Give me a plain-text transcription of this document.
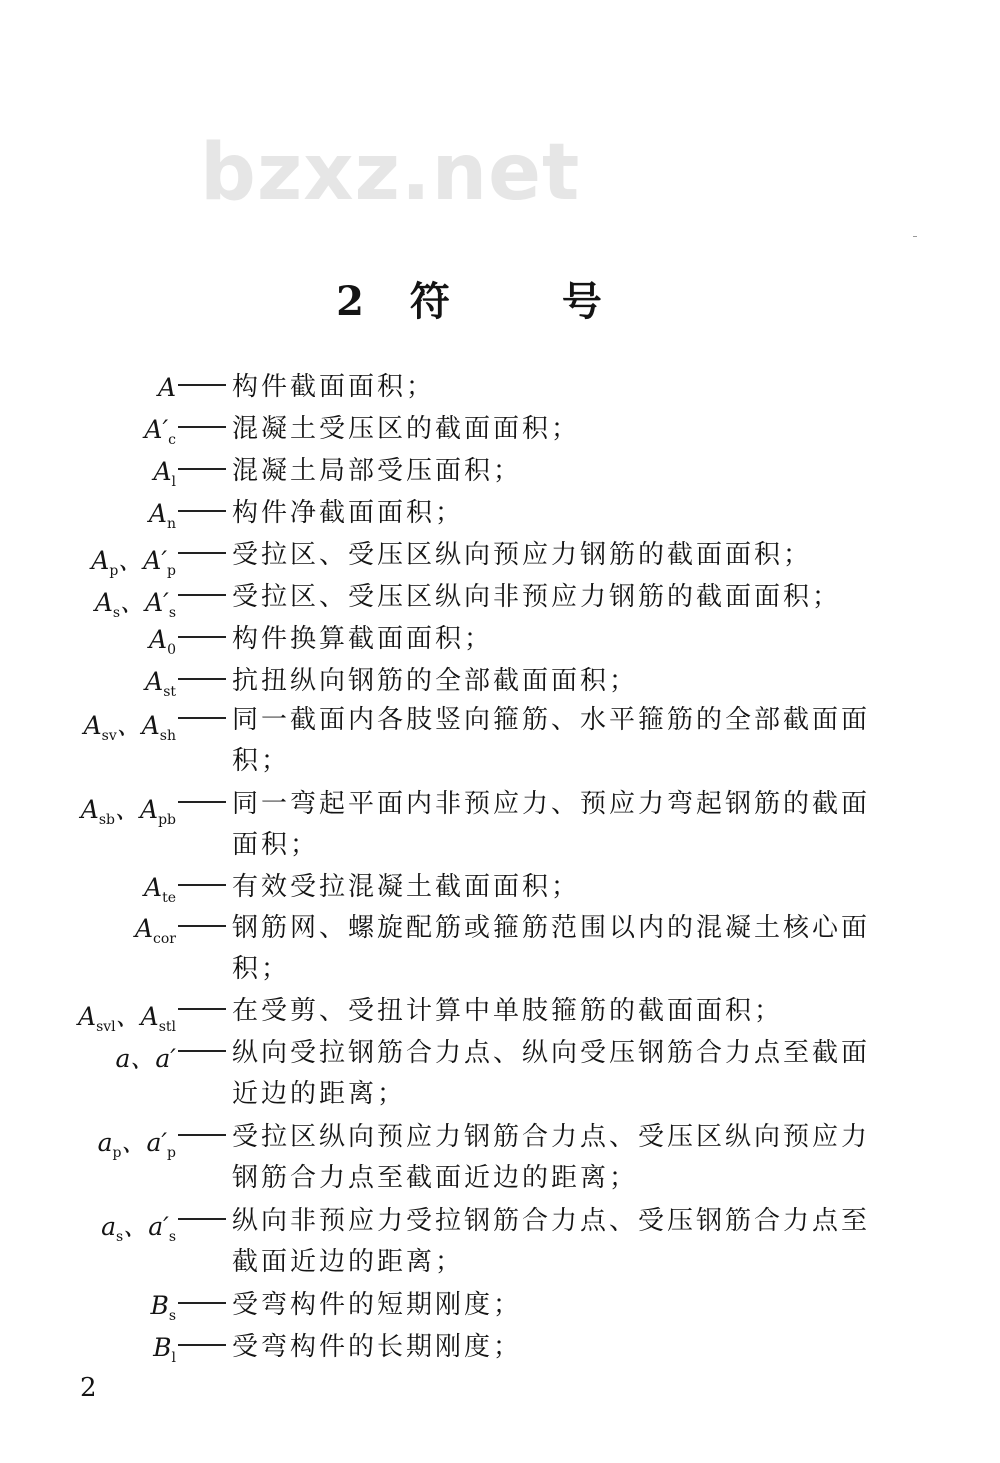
bzxz.net
2 符	号
A 构件截面面积；
$A'_c$ 混凝土受压区的截面面积；
$A_l$ 混凝土局部受压面积；
$A_n$ 构件净截面面积；
$A_p$、$A'_p$
受拉区、受压区纵向预应力钢筋的截面面积；
$A_s$、$A'_s$
受拉区、受压区纵向非预应力钢筋的截面面积；
$A_0$ 构件换算截面面积；
$A_{st}$ 抗扭纵向钢筋的全部截面面积；
$A_{sv}$、$A_{sh}$
同一截面内各肢竖向箍筋、水平箍筋的全部截面面积；
$A_{sb}$、$A_{pb}$
同一弯起平面内非预应力、预应力弯起钢筋的截面面积；
$A_{te}$ 有效受拉混凝土截面面积；
$A_{cor}$ 钢筋网、螺旋配筋或箍筋范围以内的混凝土核心面积；
$A_{svl}$、$A_{stl}$
在受剪、受扭计算中单肢箍筋的截面面积；
a、a′ 纵向受拉钢筋合力点、纵向受压钢筋合力点至截面近边的距离；
$a_p$、$a'_p$
受拉区纵向预应力钢筋合力点、受压区纵向预应力钢筋合力点至截面近边的距离；
$a_s$、$a'_s$
纵向非预应力受拉钢筋合力点、受压钢筋合力点至截面近边的距离；
$B_s$ 受弯构件的短期刚度；
$B_l$ 受弯构件的长期刚度；
2
